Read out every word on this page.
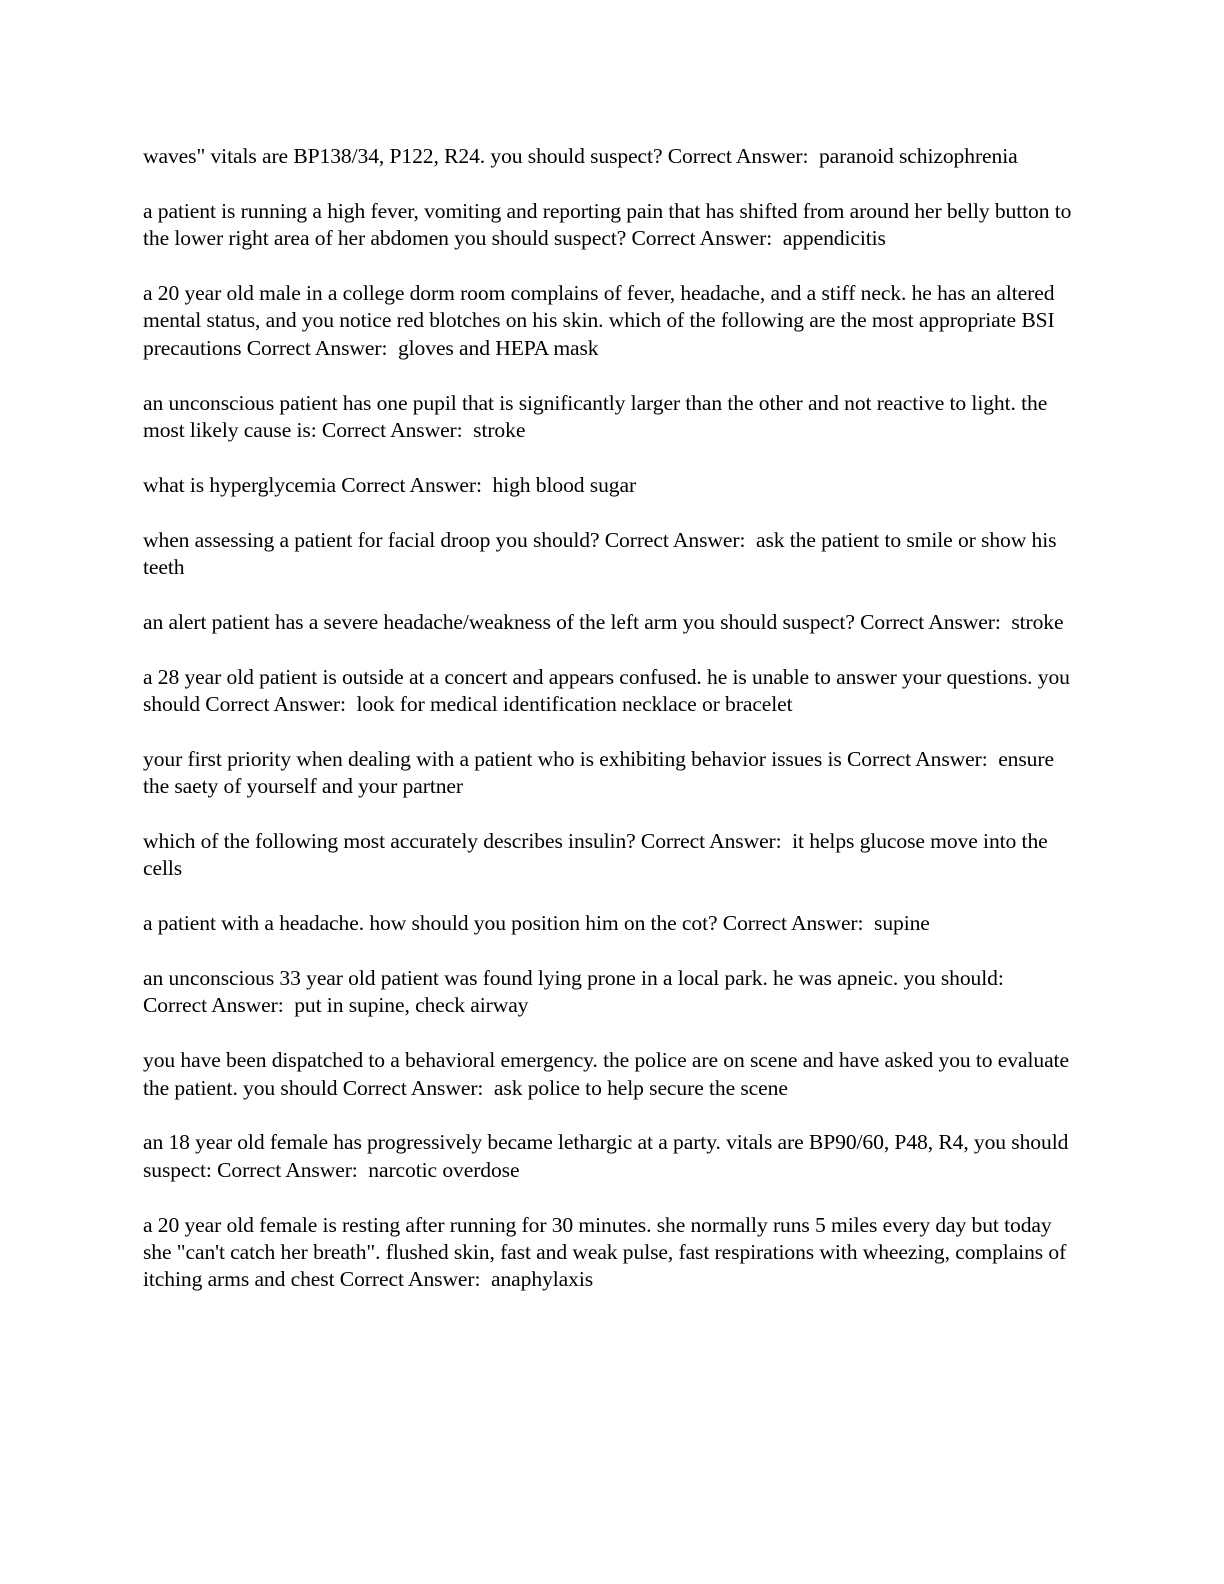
waves" vitals are BP138/34, P122, R24. you should suspect? Correct Answer:  paranoid schizophrenia

a patient is running a high fever, vomiting and reporting pain that has shifted from around her belly button to the lower right area of her abdomen you should suspect? Correct Answer:  appendicitis

a 20 year old male in a college dorm room complains of fever, headache, and a stiff neck. he has an altered mental status, and you notice red blotches on his skin. which of the following are the most appropriate BSI precautions Correct Answer:  gloves and HEPA mask

an unconscious patient has one pupil that is significantly larger than the other and not reactive to light. the most likely cause is: Correct Answer:  stroke

what is hyperglycemia Correct Answer:  high blood sugar

when assessing a patient for facial droop you should? Correct Answer:  ask the patient to smile or show his teeth

an alert patient has a severe headache/weakness of the left arm you should suspect? Correct Answer:  stroke

a 28 year old patient is outside at a concert and appears confused. he is unable to answer your questions. you should Correct Answer:  look for medical identification necklace or bracelet

your first priority when dealing with a patient who is exhibiting behavior issues is Correct Answer:  ensure the saety of yourself and your partner

which of the following most accurately describes insulin? Correct Answer:  it helps glucose move into the cells

a patient with a headache. how should you position him on the cot? Correct Answer:  supine

an unconscious 33 year old patient was found lying prone in a local park. he was apneic. you should: Correct Answer:  put in supine, check airway

you have been dispatched to a behavioral emergency. the police are on scene and have asked you to evaluate the patient. you should Correct Answer:  ask police to help secure the scene

an 18 year old female has progressively became lethargic at a party. vitals are BP90/60, P48, R4, you should suspect: Correct Answer:  narcotic overdose

a 20 year old female is resting after running for 30 minutes. she normally runs 5 miles every day but today she "can't catch her breath". flushed skin, fast and weak pulse, fast respirations with wheezing, complains of itching arms and chest Correct Answer:  anaphylaxis
